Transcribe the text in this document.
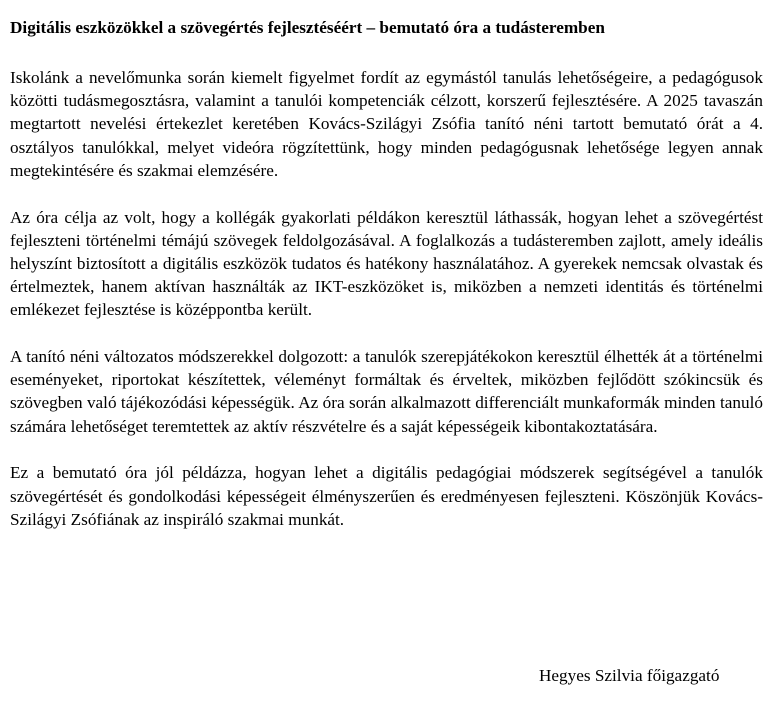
Digitális eszközökkel a szövegértés fejlesztéséért – bemutató óra a tudásteremben

Iskolánk a nevelőmunka során kiemelt figyelmet fordít az egymástól tanulás lehetőségeire, a pedagógusok közötti tudásmegosztásra, valamint a tanulói kompetenciák célzott, korszerű fejlesztésére. A 2025 tavaszán megtartott nevelési értekezlet keretében Kovács-Szilágyi Zsófia tanító néni tartott bemutató órát a 4. osztályos tanulókkal, melyet videóra rögzítettünk, hogy minden pedagógusnak lehetősége legyen annak megtekintésére és szakmai elemzésére.

Az óra célja az volt, hogy a kollégák gyakorlati példákon keresztül láthassák, hogyan lehet a szövegértést fejleszteni történelmi témájú szövegek feldolgozásával. A foglalkozás a tudásteremben zajlott, amely ideális helyszínt biztosított a digitális eszközök tudatos és hatékony használatához. A gyerekek nemcsak olvastak és értelmeztek, hanem aktívan használták az IKT-eszközöket is, miközben a nemzeti identitás és történelmi emlékezet fejlesztése is középpontba került.

A tanító néni változatos módszerekkel dolgozott: a tanulók szerepjátékokon keresztül élhették át a történelmi eseményeket, riportokat készítettek, véleményt formáltak és érveltek, miközben fejlődött szókincsük és szövegben való tájékozódási képességük. Az óra során alkalmazott differenciált munkaformák minden tanuló számára lehetőséget teremtettek az aktív részvételre és a saját képességeik kibontakoztatására.

Ez a bemutató óra jól példázza, hogyan lehet a digitális pedagógiai módszerek segítségével a tanulók szövegértését és gondolkodási képességeit élményszerűen és eredményesen fejleszteni. Köszönjük Kovács-Szilágyi Zsófiának az inspiráló szakmai munkát.

Hegyes Szilvia főigazgató
